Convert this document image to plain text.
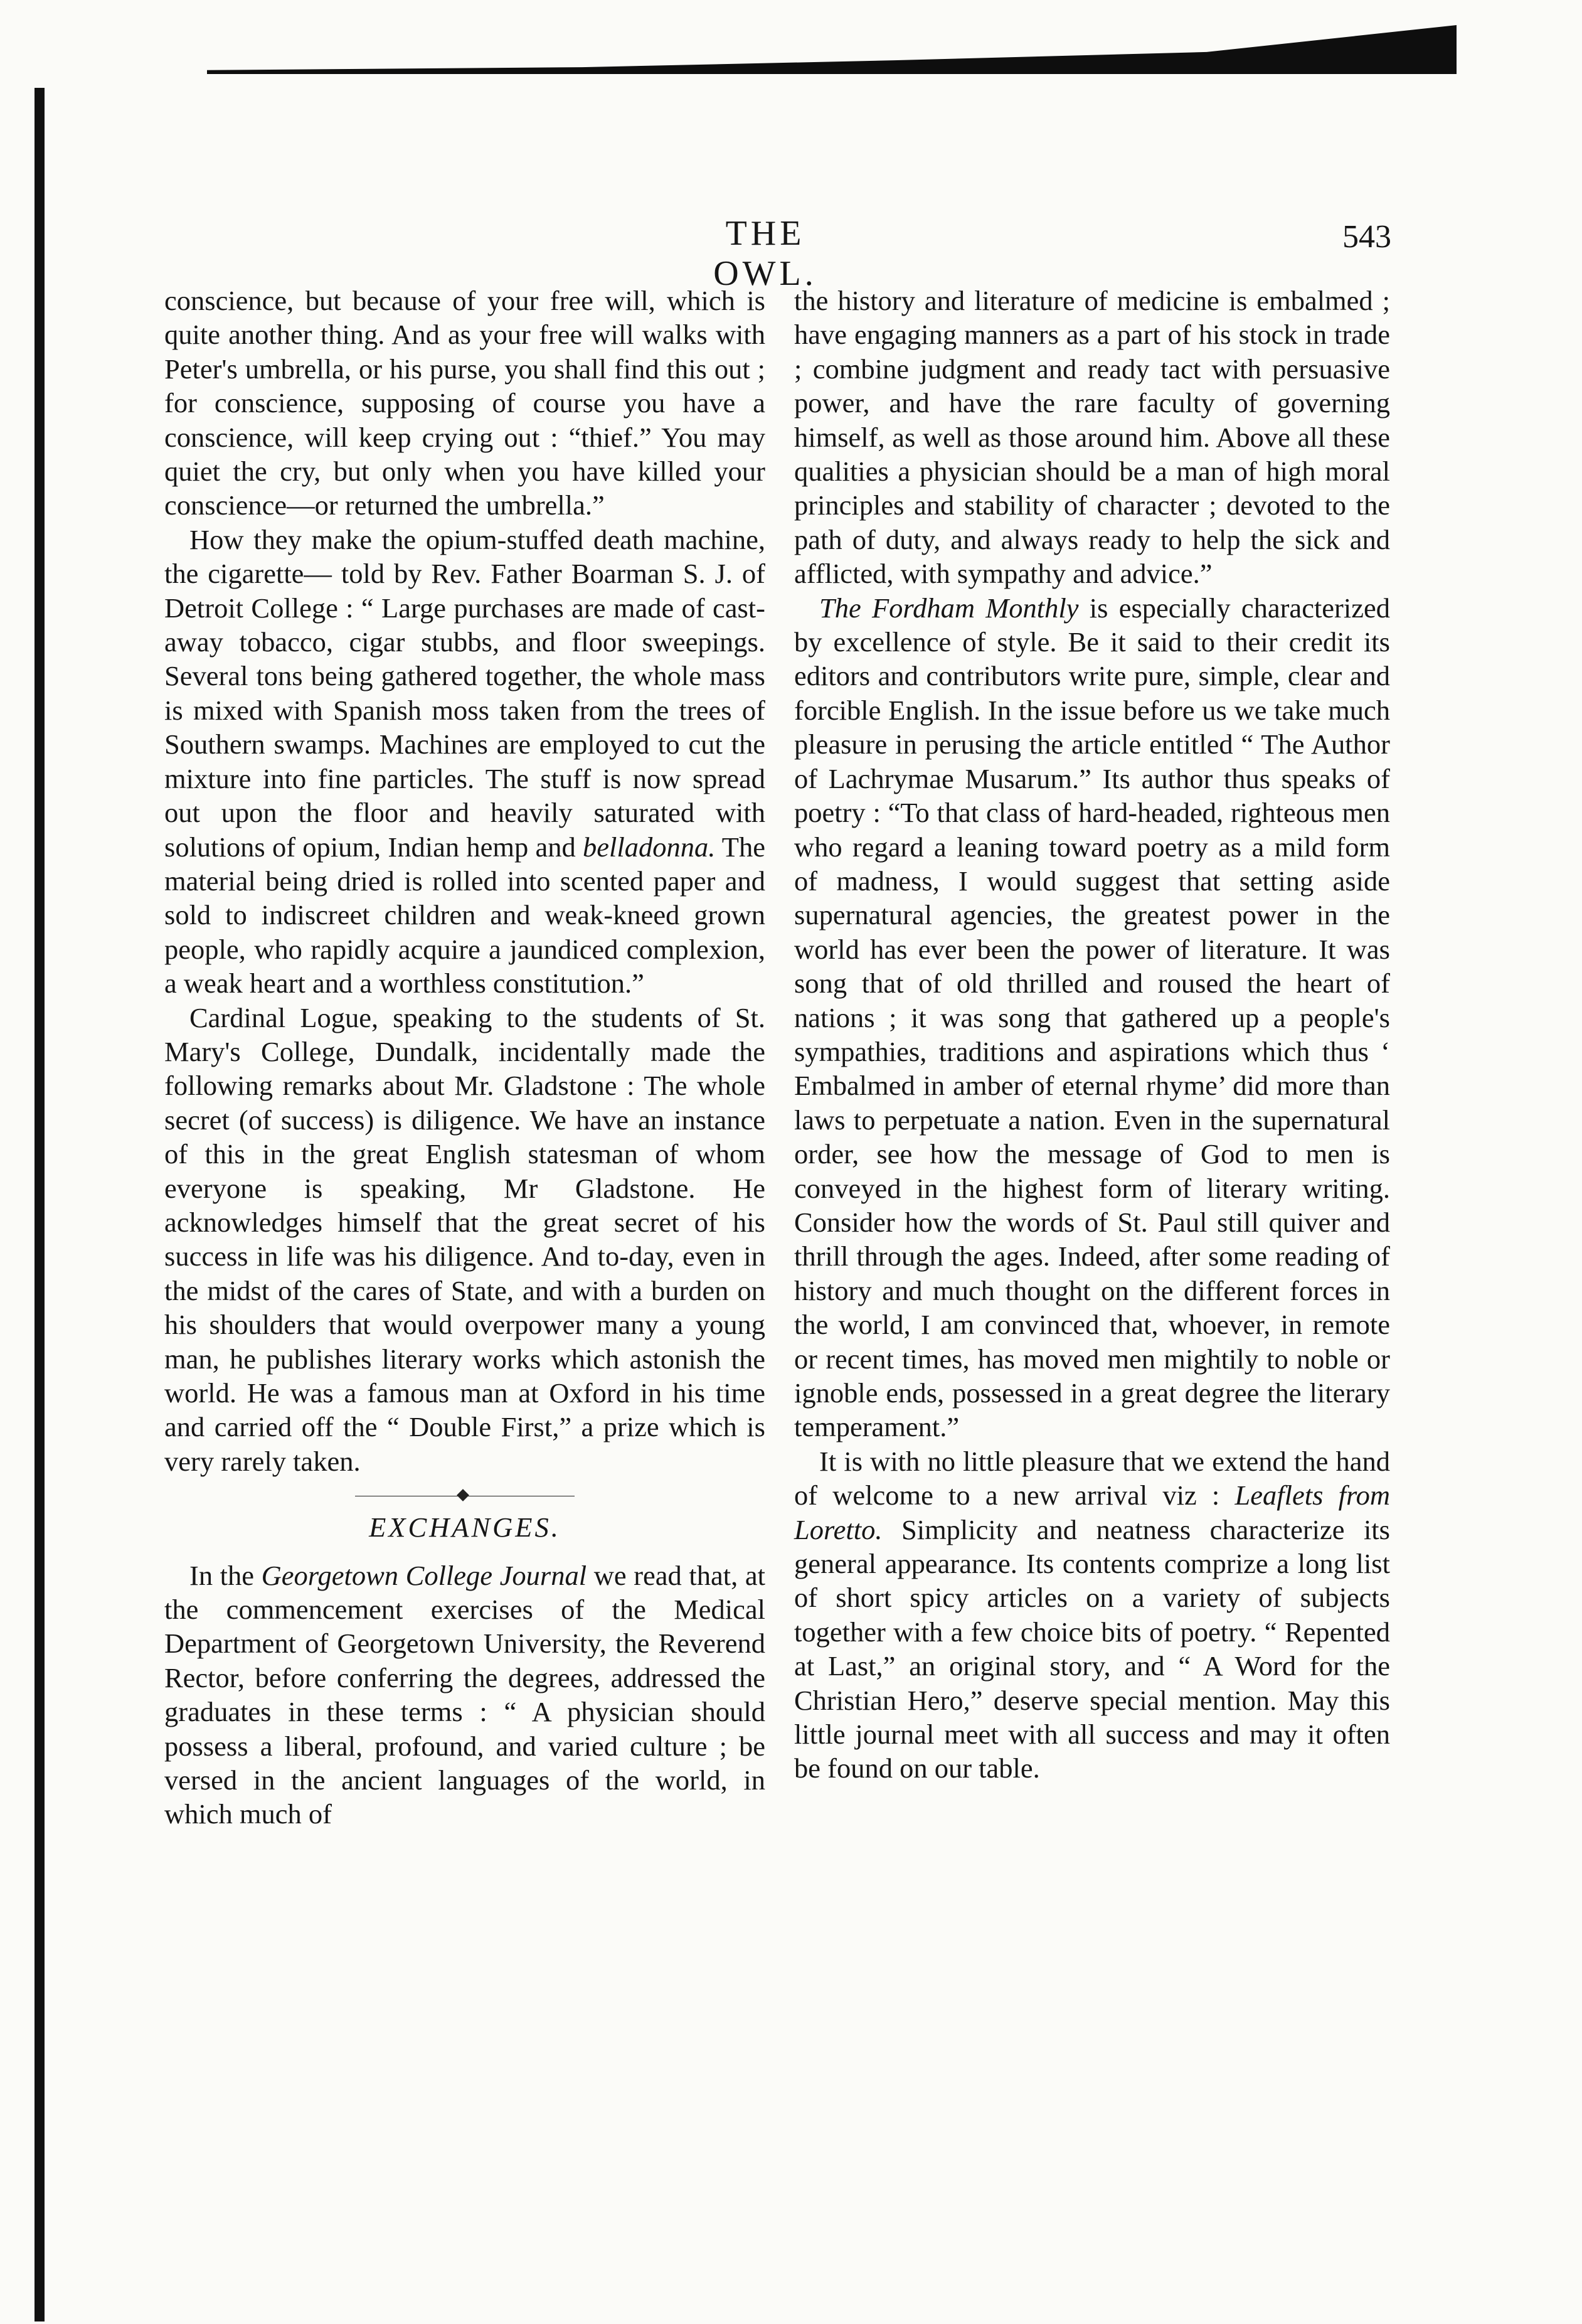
THE OWL.
543

conscience, but because of your free will, which is quite another thing. And as your free will walks with Peter's umbrella, or his purse, you shall find this out ; for conscience, supposing of course you have a conscience, will keep crying out : “thief.” You may quiet the cry, but only when you have killed your conscience—or returned the umbrella.”

How they make the opium-stuffed death machine, the cigarette— told by Rev. Father Boarman S. J. of Detroit College : “ Large purchases are made of cast-away tobacco, cigar stubbs, and floor sweepings. Several tons being gathered together, the whole mass is mixed with Spanish moss taken from the trees of Southern swamps. Machines are employed to cut the mixture into fine particles. The stuff is now spread out upon the floor and heavily saturated with solutions of opium, Indian hemp and belladonna. The material being dried is rolled into scented paper and sold to indiscreet children and weak-kneed grown people, who rapidly acquire a jaundiced complexion, a weak heart and a worthless constitution.”

Cardinal Logue, speaking to the students of St. Mary's College, Dundalk, incidentally made the following remarks about Mr. Gladstone : The whole secret (of success) is diligence. We have an instance of this in the great English statesman of whom everyone is speaking, Mr Gladstone. He acknowledges himself that the great secret of his success in life was his diligence. And to-day, even in the midst of the cares of State, and with a burden on his shoulders that would overpower many a young man, he publishes literary works which astonish the world. He was a famous man at Oxford in his time and carried off the “ Double First,” a prize which is very rarely taken.

EXCHANGES.

In the Georgetown College Journal we read that, at the commencement exercises of the Medical Department of Georgetown University, the Reverend Rector, before conferring the degrees, addressed the graduates in these terms : “ A physician should possess a liberal, profound, and varied culture ; be versed in the ancient languages of the world, in which much of

the history and literature of medicine is embalmed ; have engaging manners as a part of his stock in trade ; combine judgment and ready tact with persuasive power, and have the rare faculty of governing himself, as well as those around him. Above all these qualities a physician should be a man of high moral principles and stability of character ; devoted to the path of duty, and always ready to help the sick and afflicted, with sympathy and advice.”

The Fordham Monthly is especially characterized by excellence of style. Be it said to their credit its editors and contributors write pure, simple, clear and forcible English. In the issue before us we take much pleasure in perusing the article entitled “ The Author of Lachrymae Musarum.” Its author thus speaks of poetry : “To that class of hard-headed, righteous men who regard a leaning toward poetry as a mild form of madness, I would suggest that setting aside supernatural agencies, the greatest power in the world has ever been the power of literature. It was song that of old thrilled and roused the heart of nations ; it was song that gathered up a people's sympathies, traditions and aspirations which thus ‘ Embalmed in amber of eternal rhyme’ did more than laws to perpetuate a nation. Even in the supernatural order, see how the message of God to men is conveyed in the highest form of literary writing. Consider how the words of St. Paul still quiver and thrill through the ages. Indeed, after some reading of history and much thought on the different forces in the world, I am convinced that, whoever, in remote or recent times, has moved men mightily to noble or ignoble ends, possessed in a great degree the literary temperament.”

It is with no little pleasure that we extend the hand of welcome to a new arrival viz : Leaflets from Loretto. Simplicity and neatness characterize its general appearance. Its contents comprize a long list of short spicy articles on a variety of subjects together with a few choice bits of poetry. “ Repented at Last,” an original story, and “ A Word for the Christian Hero,” deserve special mention. May this little journal meet with all success and may it often be found on our table.
